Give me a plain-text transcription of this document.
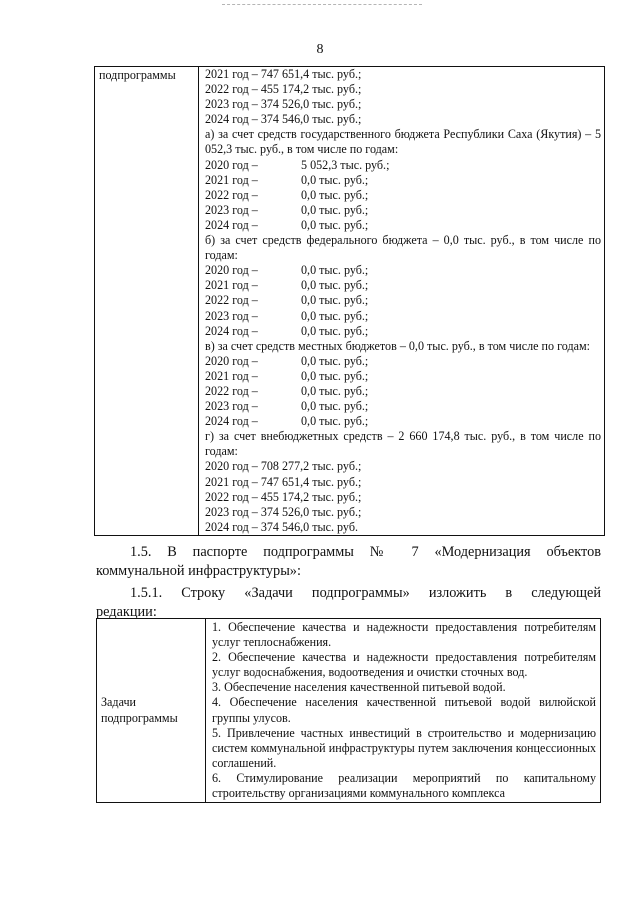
8
подпрограммы	2021 год – 747 651,4 тыс. руб.;
2022 год – 455 174,2 тыс. руб.;
2023 год – 374 526,0 тыс. руб.;
2024 год – 374 546,0 тыс. руб.;
а) за счет средств государственного бюджета Республики Саха (Якутия) – 5 052,3 тыс. руб., в том числе по годам:
2020 год –	5 052,3 тыс. руб.;
2021 год –	0,0 тыс. руб.;
2022 год –	0,0 тыс. руб.;
2023 год –	0,0 тыс. руб.;
2024 год –	0,0 тыс. руб.;
б) за счет средств федерального бюджета – 0,0 тыс. руб., в том числе по годам:
2020 год –	0,0 тыс. руб.;
2021 год –	0,0 тыс. руб.;
2022 год –	0,0 тыс. руб.;
2023 год –	0,0 тыс. руб.;
2024 год –	0,0 тыс. руб.;
в) за счет средств местных бюджетов – 0,0 тыс. руб., в том числе по годам:
2020 год –	0,0 тыс. руб.;
2021 год –	0,0 тыс. руб.;
2022 год –	0,0 тыс. руб.;
2023 год –	0,0 тыс. руб.;
2024 год –	0,0 тыс. руб.;
г) за счет внебюджетных средств – 2 660 174,8 тыс. руб., в том числе по годам:
2020 год – 708 277,2 тыс. руб.;
2021 год – 747 651,4 тыс. руб.;
2022 год – 455 174,2 тыс. руб.;
2023 год – 374 526,0 тыс. руб.;
2024 год – 374 546,0 тыс. руб.
1.5. В паспорте подпрограммы № 7 «Модернизация объектов
коммунальной инфраструктуры»:
1.5.1. Строку «Задачи подпрограммы» изложить в следующей
редакции:
Задачи подпрограммы	
1. Обеспечение качества и надежности предоставления потребителям услуг теплоснабжения.
2. Обеспечение качества и надежности предоставления потребителям услуг водоснабжения, водоотведения и очистки сточных вод.
3. Обеспечение населения качественной питьевой водой.
4. Обеспечение населения качественной питьевой водой вилюйской группы улусов.
5. Привлечение частных инвестиций в строительство и модернизацию систем коммунальной инфраструктуры путем заключения концессионных соглашений.
6. Стимулирование реализации мероприятий по капитальному строительству организациями коммунального комплекса
